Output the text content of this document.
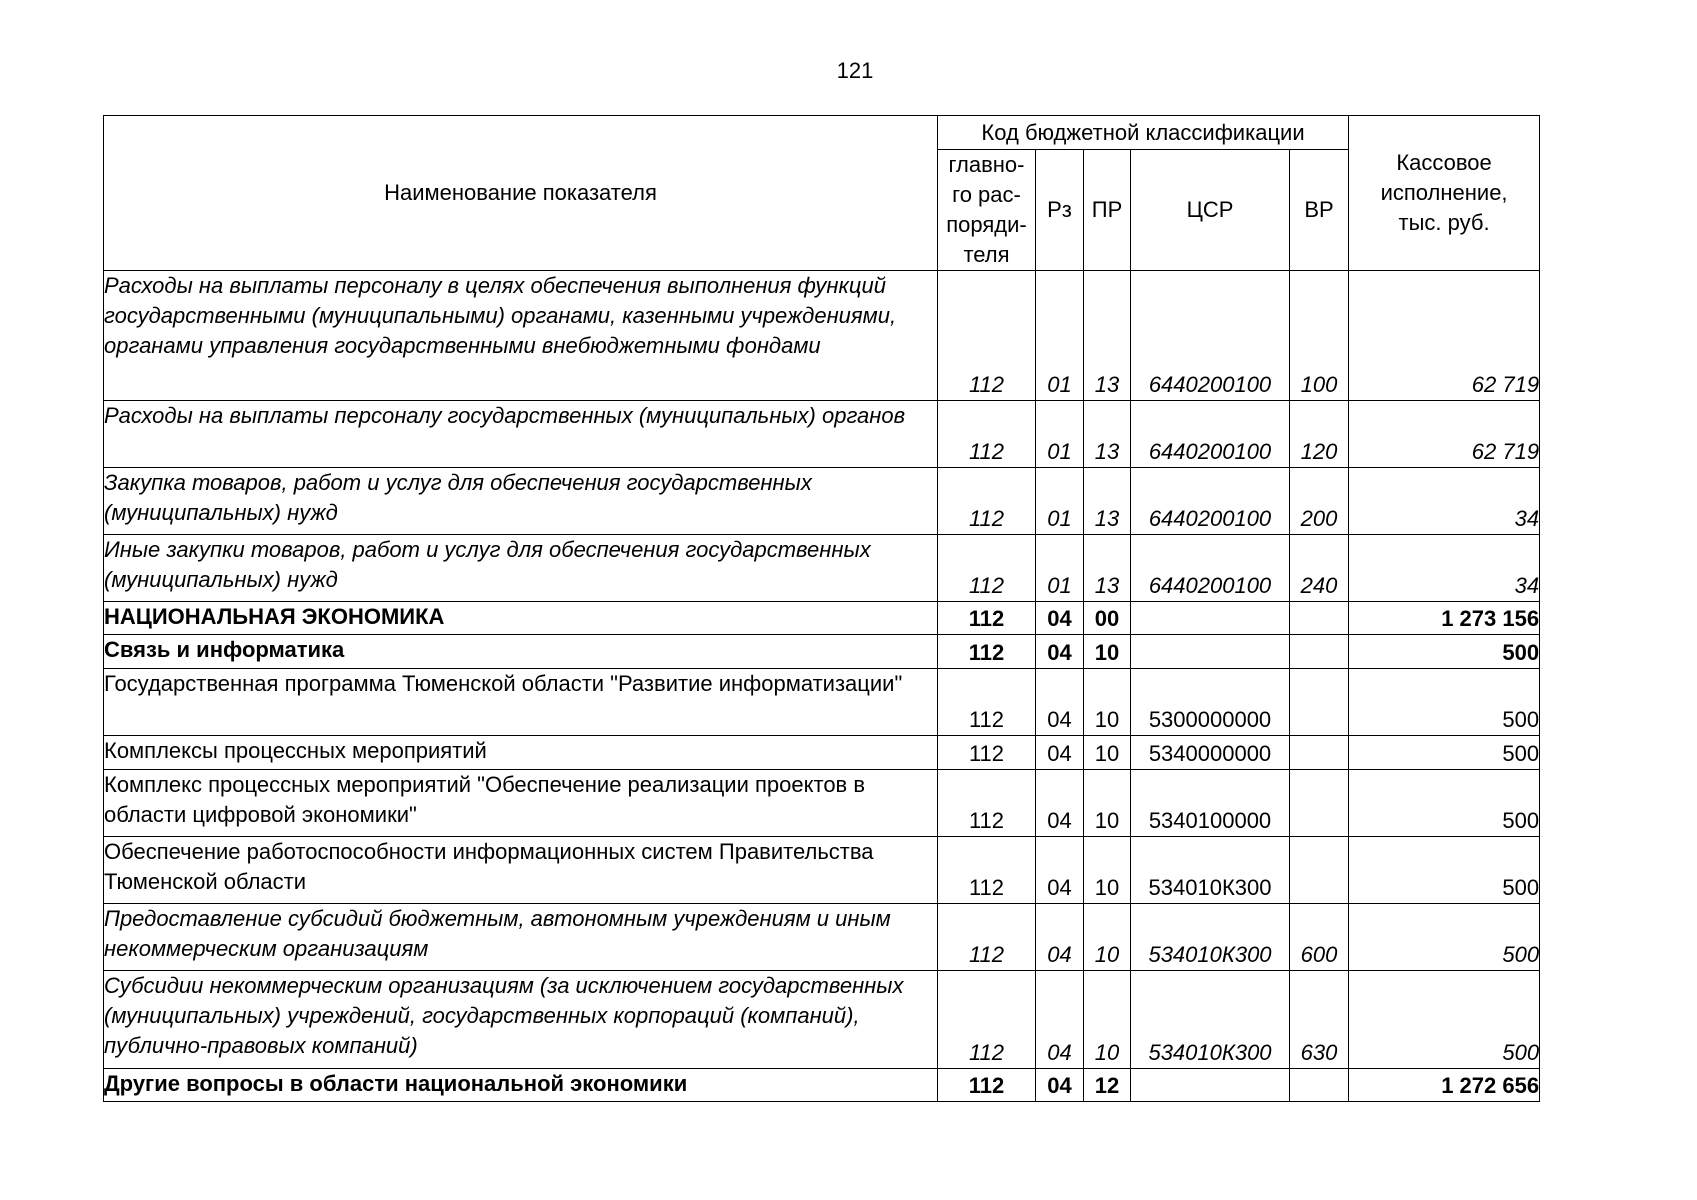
121
Наименование показателя	Код бюджетной классификации					Кассовое
исполнение,
тыс. руб.

	главно-
го рас-
поряди-
теля	Рз	ПР	ЦСР	ВР	
Расходы на выплаты персоналу в целях обеспечения выполнения функций государственными (муниципальными) органами, казенными учреждениями, органами управления государственными внебюджетными фондами	112	01	13	6440200100	100	62 719
Расходы на выплаты персоналу государственных (муниципальных) органов	112	01	13	6440200100	120	62 719
Закупка товаров, работ и услуг для обеспечения государственных (муниципальных) нужд	112	01	13	6440200100	200	34
Иные закупки товаров, работ и услуг для обеспечения государственных (муниципальных) нужд	112	01	13	6440200100	240	34
НАЦИОНАЛЬНАЯ ЭКОНОМИКА	112	04	00			1 273 156
Связь и информатика	112	04	10			500
Государственная программа Тюменской области "Развитие информатизации"	112	04	10	5300000000		500
Комплексы процессных мероприятий	112	04	10	5340000000		500
Комплекс процессных мероприятий "Обеспечение реализации проектов в области цифровой экономики"	112	04	10	5340100000		500
Обеспечение работоспособности информационных систем Правительства Тюменской области	112	04	10	534010К300		500
Предоставление субсидий бюджетным, автономным учреждениям и иным некоммерческим организациям	112	04	10	534010К300	600	500
Субсидии некоммерческим организациям (за исключением государственных (муниципальных) учреждений, государственных корпораций (компаний), публично-правовых компаний)	112	04	10	534010К300	630	500
Другие вопросы в области национальной экономики	112	04	12			1 272 656
